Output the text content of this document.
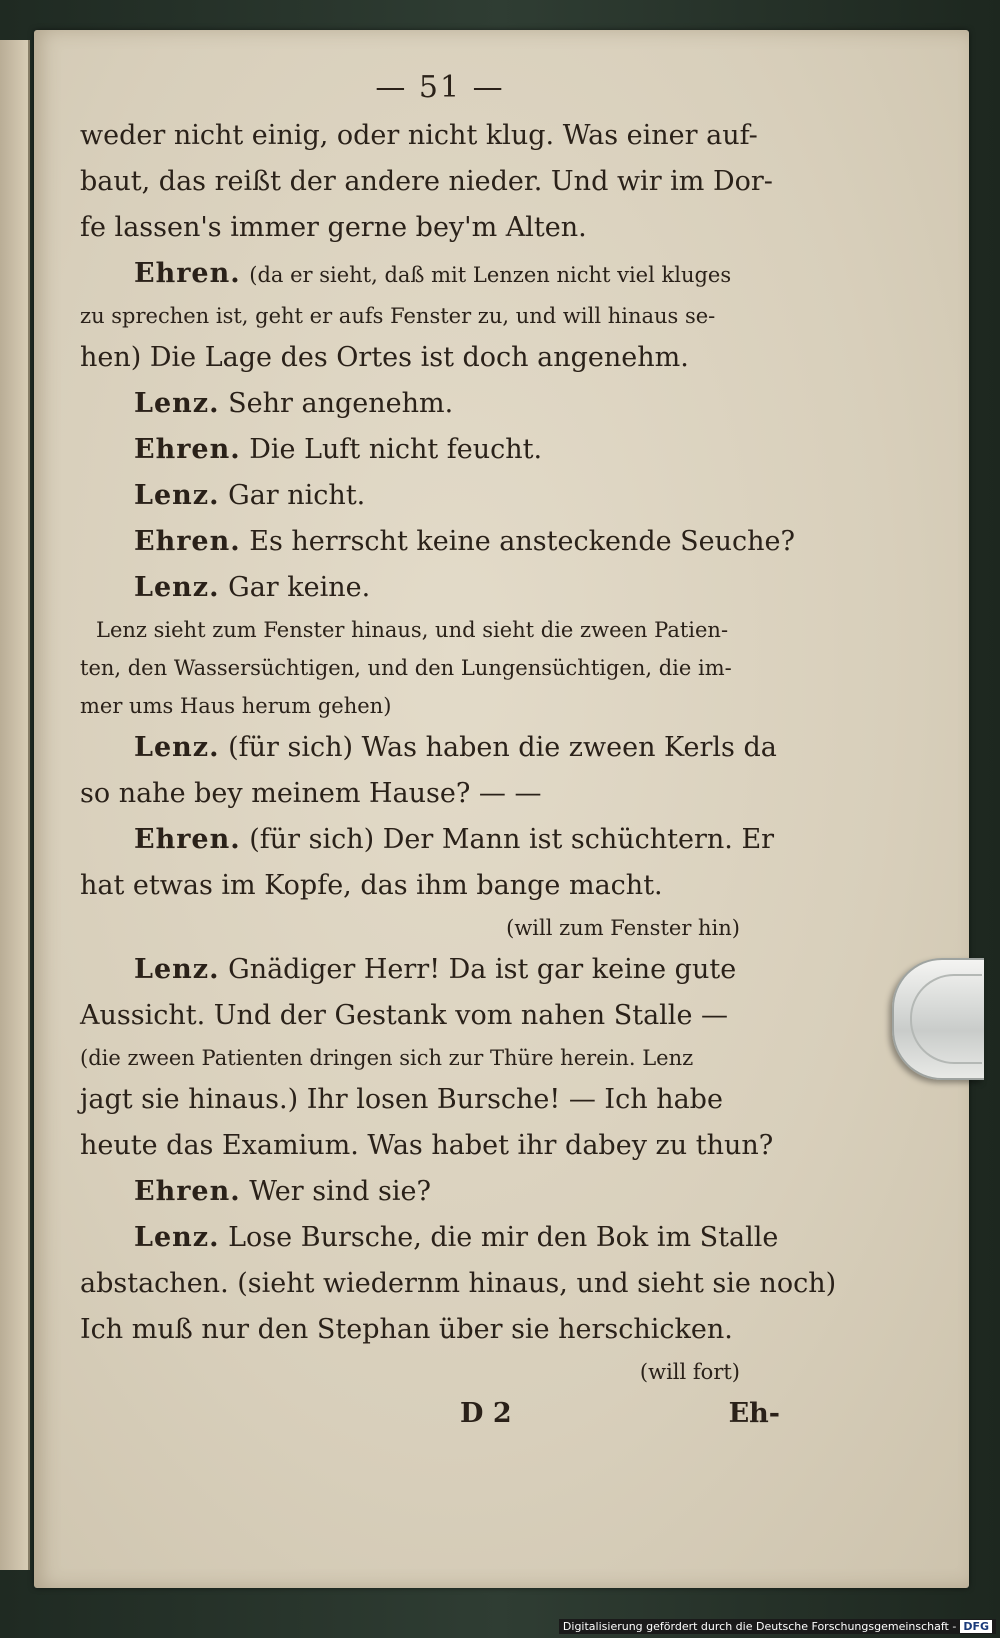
— 51 —
weder nicht einig, oder nicht klug. Was einer auf-
baut, das reißt der andere nieder. Und wir im Dor-
fe lassen's immer gerne bey'm Alten.
Ehren. (da er sieht, daß mit Lenzen nicht viel kluges
zu sprechen ist, geht er aufs Fenster zu, und will hinaus se-
hen) Die Lage des Ortes ist doch angenehm.
Lenz. Sehr angenehm.
Ehren. Die Luft nicht feucht.
Lenz. Gar nicht.
Ehren. Es herrscht keine ansteckende Seuche?
Lenz. Gar keine.
Lenz sieht zum Fenster hinaus, und sieht die zween Patien-
ten, den Wassersüchtigen, und den Lungensüchtigen, die im-
mer ums Haus herum gehen)
Lenz. (für sich) Was haben die zween Kerls da
so nahe bey meinem Hause? — —
Ehren. (für sich) Der Mann ist schüchtern. Er
hat etwas im Kopfe, das ihm bange macht.
(will zum Fenster hin)
Lenz. Gnädiger Herr! Da ist gar keine gute
Aussicht. Und der Gestank vom nahen Stalle —
(die zween Patienten dringen sich zur Thüre herein. Lenz
jagt sie hinaus.) Ihr losen Bursche! — Ich habe
heute das Examium. Was habet ihr dabey zu thun?
Ehren. Wer sind sie?
Lenz. Lose Bursche, die mir den Bok im Stalle
abstachen. (sieht wiedernm hinaus, und sieht sie noch)
Ich muß nur den Stephan über sie herschicken.
(will fort)
D 2	Eh-
Digitalisierung gefördert durch die Deutsche Forschungsgemeinschaft - DFG
